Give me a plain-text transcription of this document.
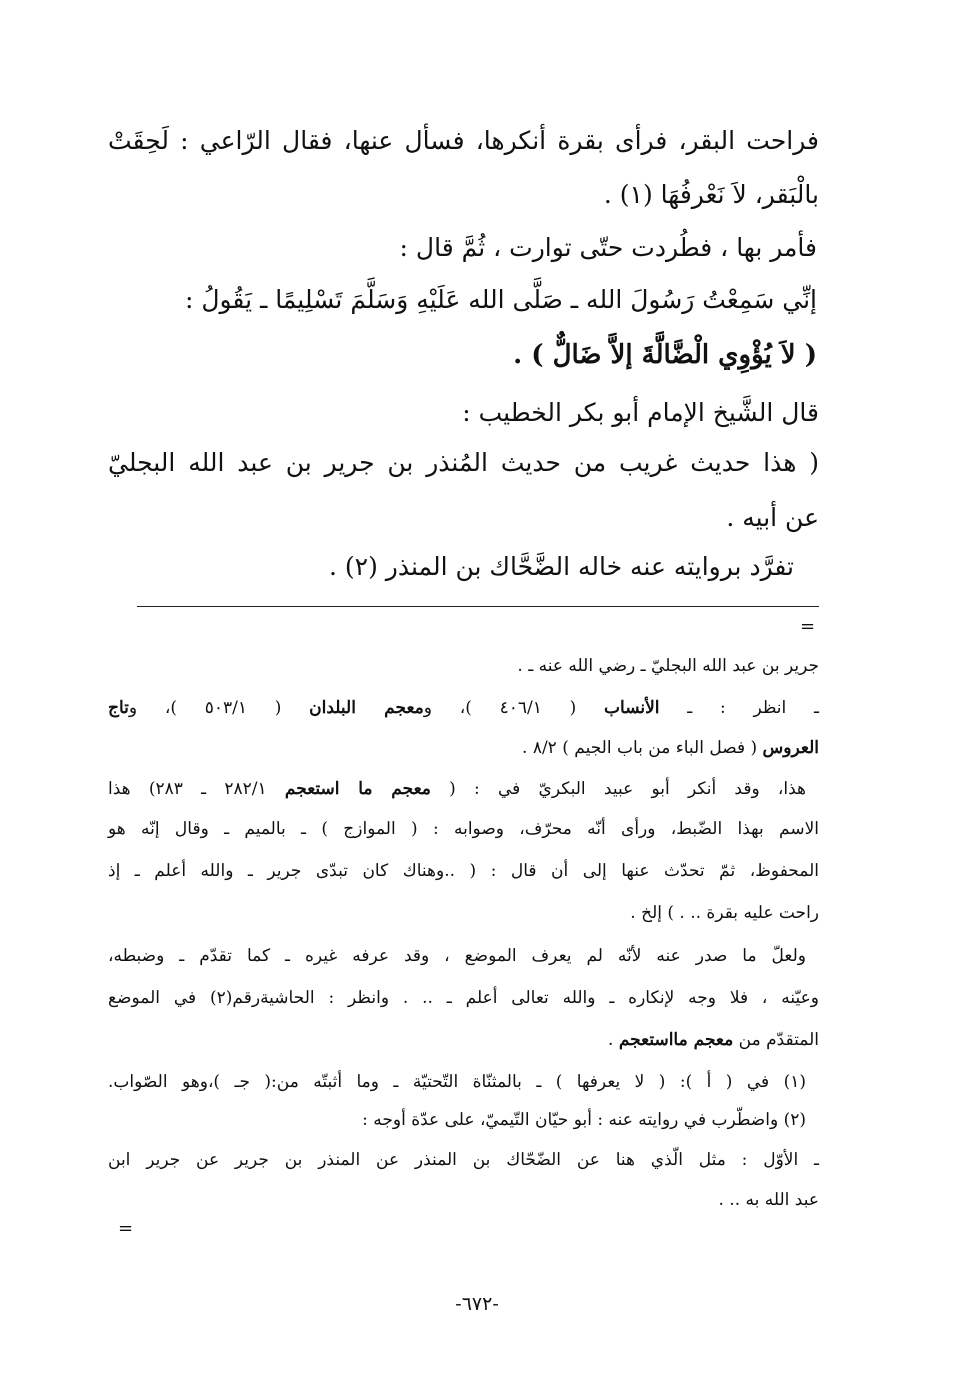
فراحت البقر، فرأى بقرة أنكرها، فسأل عنها، فقال الرّاعي : لَحِقَتْ
بالْبَقر، لاَ نَعْرفُهَا (١) .
فأمر بها ، فطُردت حتّى توارت ، ثُمَّ قال :
إنِّي سَمِعْتُ رَسُولَ الله ـ صَلَّى الله عَلَيْهِ وَسَلَّمَ تَسْلِيمًا ـ يَقُولُ :
( لاَ يُؤْوِي الْضَّالَّةَ إلاَّ ضَالٌّ ) .
قال الشَّيخ الإمام أبو بكر الخطيب :
( هذا حديث غريب من حديث المُنذر بن جرير بن عبد الله البجليّ
عن أبيه .
تفرَّد بروايته عنه خاله الضَّحَّاك بن المنذر (٢) .
=
جرير بن عبد الله البجليّ ـ رضي الله عنه ـ .
ـ انظر : ـ الأنساب ( ٤٠٦/١ )، ومعجم البلدان ( ٥٠٣/١ )، وتاج
العروس ( فصل الباء من باب الجيم ) ٨/٢ .
هذا، وقد أنكر أبو عبيد البكريّ في : ( معجم ما استعجم ٢٨٢/١ ـ ٢٨٣) هذا
الاسم بهذا الضّبط، ورأى أنّه محرّف، وصوابه : ( الموازج ) ـ بالميم ـ وقال إنّه هو
المحفوظ، ثمّ تحدّث عنها إلى أن قال : ( ..وهناك كان تبدّى جرير ـ والله أعلم ـ إذ
راحت عليه بقرة .. . ) إلخ .
ولعلّ ما صدر عنه لأنّه لم يعرف الموضع ، وقد عرفه غيره ـ كما تقدّم ـ وضبطه،
وعيّنه ، فلا وجه لإنكاره ـ والله تعالى أعلم ـ .. . وانظر : الحاشيةرقم(٢) في الموضع
المتقدّم من معجم مااستعجم .
(١) في ( أ ): ( لا يعرفها ) ـ بالمثنّاة التّحتيّة ـ وما أثبتّه من:( جـ )،وهو الصّواب.
(٢) واضطّرب في روايته عنه : أبو حيّان التّيميّ، على عدّة أوجه :
ـ الأوّل : مثل الّذي هنا عن الضّحّاك بن المنذر عن المنذر بن جرير عن جرير ابن
عبد الله به .. .
=
-٦٧٢-
